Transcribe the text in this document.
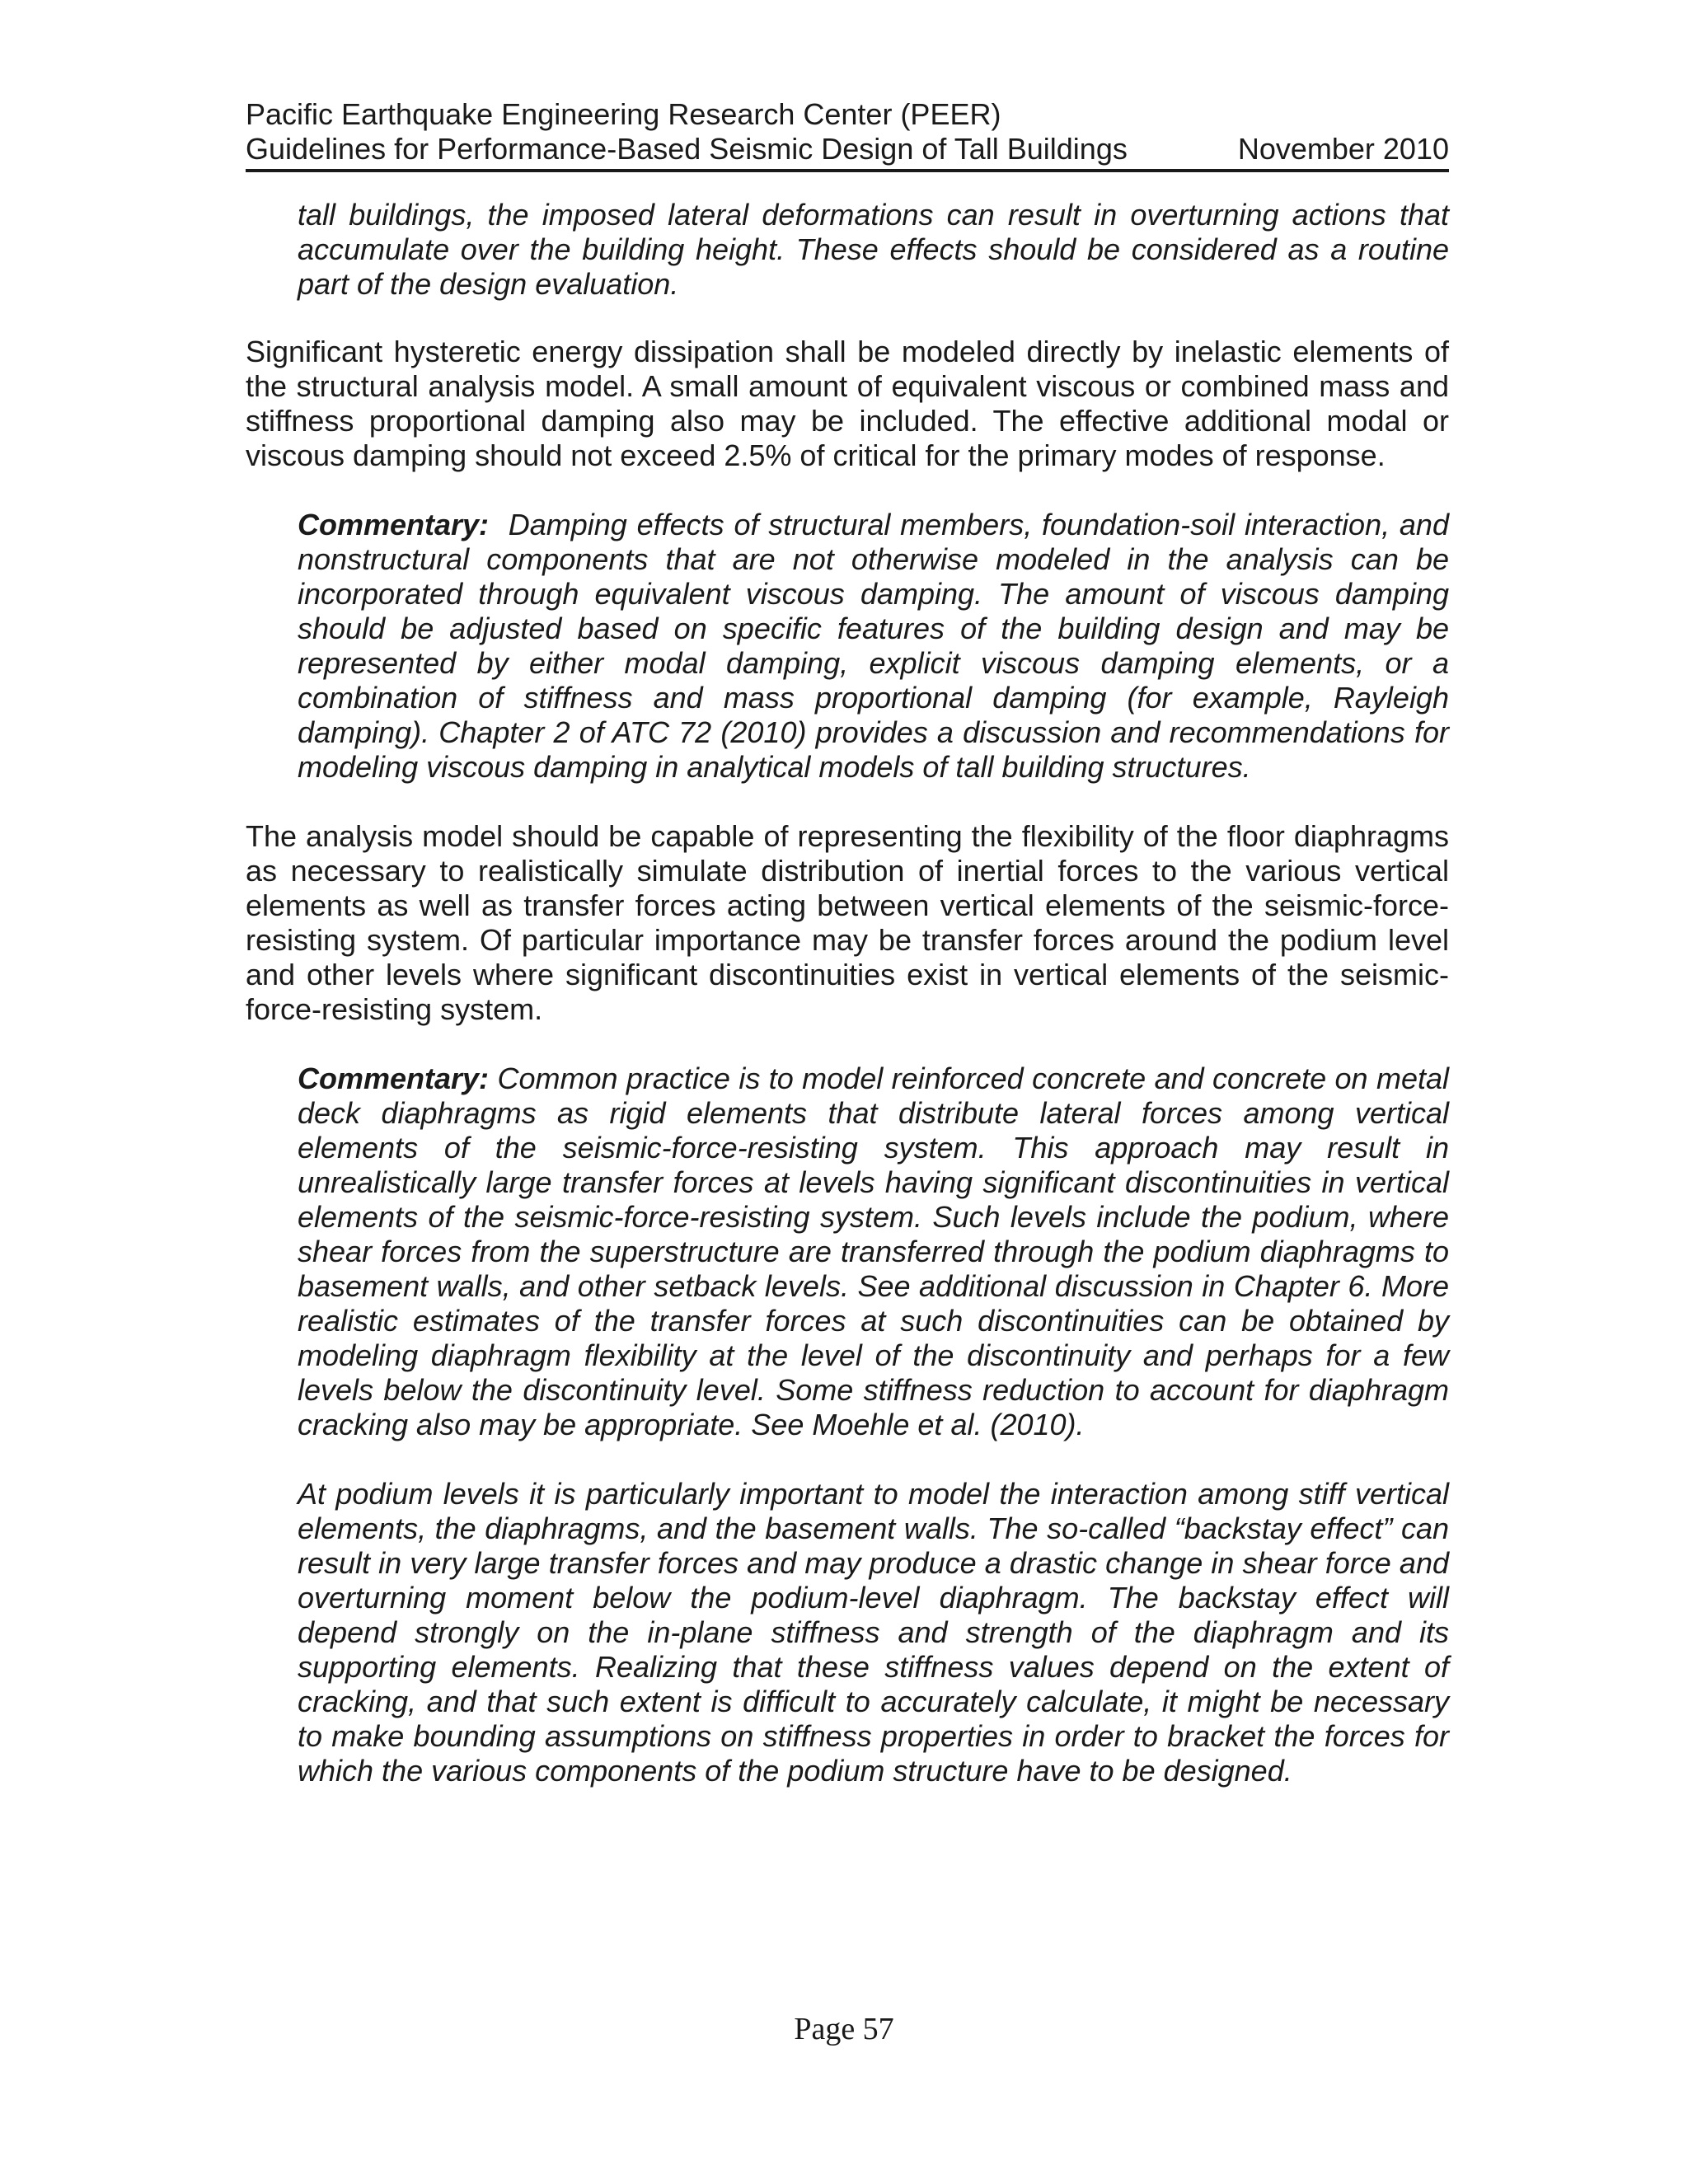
Pacific Earthquake Engineering Research Center (PEER)
Guidelines for Performance-Based Seismic Design of Tall Buildings	November 2010

tall buildings, the imposed lateral deformations can result in overturning actions that accumulate over the building height. These effects should be considered as a routine part of the design evaluation.

Significant hysteretic energy dissipation shall be modeled directly by inelastic elements of the structural analysis model. A small amount of equivalent viscous or combined mass and stiffness proportional damping also may be included. The effective additional modal or viscous damping should not exceed 2.5% of critical for the primary modes of response.

Commentary: Damping effects of structural members, foundation-soil interaction, and nonstructural components that are not otherwise modeled in the analysis can be incorporated through equivalent viscous damping. The amount of viscous damping should be adjusted based on specific features of the building design and may be represented by either modal damping, explicit viscous damping elements, or a combination of stiffness and mass proportional damping (for example, Rayleigh damping). Chapter 2 of ATC 72 (2010) provides a discussion and recommendations for modeling viscous damping in analytical models of tall building structures.

The analysis model should be capable of representing the flexibility of the floor diaphragms as necessary to realistically simulate distribution of inertial forces to the various vertical elements as well as transfer forces acting between vertical elements of the seismic-force-resisting system. Of particular importance may be transfer forces around the podium level and other levels where significant discontinuities exist in vertical elements of the seismic-force-resisting system.

Commentary: Common practice is to model reinforced concrete and concrete on metal deck diaphragms as rigid elements that distribute lateral forces among vertical elements of the seismic-force-resisting system. This approach may result in unrealistically large transfer forces at levels having significant discontinuities in vertical elements of the seismic-force-resisting system. Such levels include the podium, where shear forces from the superstructure are transferred through the podium diaphragms to basement walls, and other setback levels. See additional discussion in Chapter 6. More realistic estimates of the transfer forces at such discontinuities can be obtained by modeling diaphragm flexibility at the level of the discontinuity and perhaps for a few levels below the discontinuity level. Some stiffness reduction to account for diaphragm cracking also may be appropriate. See Moehle et al. (2010).

At podium levels it is particularly important to model the interaction among stiff vertical elements, the diaphragms, and the basement walls. The so-called “backstay effect” can result in very large transfer forces and may produce a drastic change in shear force and overturning moment below the podium-level diaphragm. The backstay effect will depend strongly on the in-plane stiffness and strength of the diaphragm and its supporting elements. Realizing that these stiffness values depend on the extent of cracking, and that such extent is difficult to accurately calculate, it might be necessary to make bounding assumptions on stiffness properties in order to bracket the forces for which the various components of the podium structure have to be designed.

Page 57
